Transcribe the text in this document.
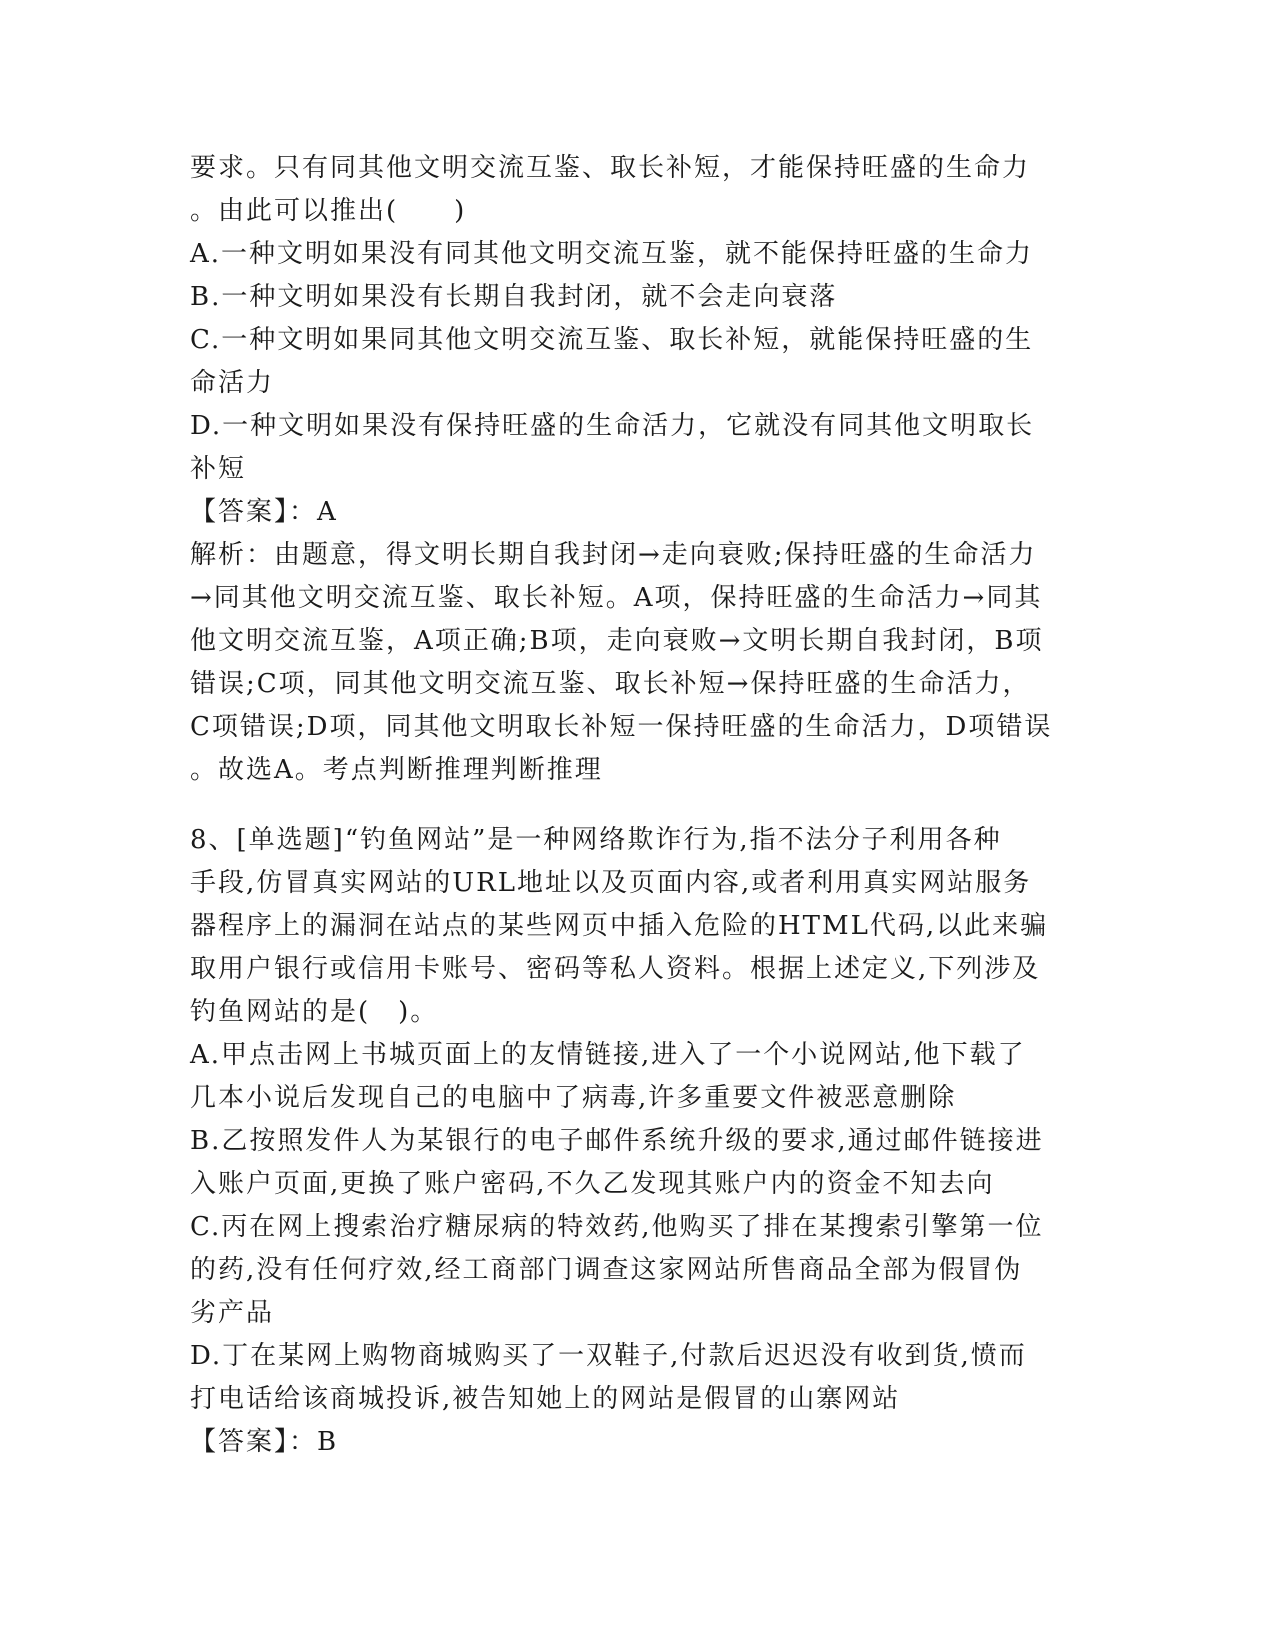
要求。只有同其他文明交流互鉴、取长补短，才能保持旺盛的生命力
。由此可以推出(　　)
A.一种文明如果没有同其他文明交流互鉴，就不能保持旺盛的生命力
B.一种文明如果没有长期自我封闭，就不会走向衰落
C.一种文明如果同其他文明交流互鉴、取长补短，就能保持旺盛的生
命活力
D.一种文明如果没有保持旺盛的生命活力，它就没有同其他文明取长
补短
【答案】：A
解析：由题意，得文明长期自我封闭→走向衰败;保持旺盛的生命活力
→同其他文明交流互鉴、取长补短。A项，保持旺盛的生命活力→同其
他文明交流互鉴，A项正确;B项，走向衰败→文明长期自我封闭，B项
错误;C项，同其他文明交流互鉴、取长补短→保持旺盛的生命活力，
C项错误;D项，同其他文明取长补短一保持旺盛的生命活力，D项错误
。故选A。考点判断推理判断推理
8、[单选题]“钓鱼网站”是一种网络欺诈行为,指不法分子利用各种
手段,仿冒真实网站的URL地址以及页面内容,或者利用真实网站服务
器程序上的漏洞在站点的某些网页中插入危险的HTML代码,以此来骗
取用户银行或信用卡账号、密码等私人资料。根据上述定义,下列涉及
钓鱼网站的是(　)。
A.甲点击网上书城页面上的友情链接,进入了一个小说网站,他下载了
几本小说后发现自己的电脑中了病毒,许多重要文件被恶意删除
B.乙按照发件人为某银行的电子邮件系统升级的要求,通过邮件链接进
入账户页面,更换了账户密码,不久乙发现其账户内的资金不知去向
C.丙在网上搜索治疗糖尿病的特效药,他购买了排在某搜索引擎第一位
的药,没有任何疗效,经工商部门调查这家网站所售商品全部为假冒伪
劣产品
D.丁在某网上购物商城购买了一双鞋子,付款后迟迟没有收到货,愤而
打电话给该商城投诉,被告知她上的网站是假冒的山寨网站
【答案】：B
